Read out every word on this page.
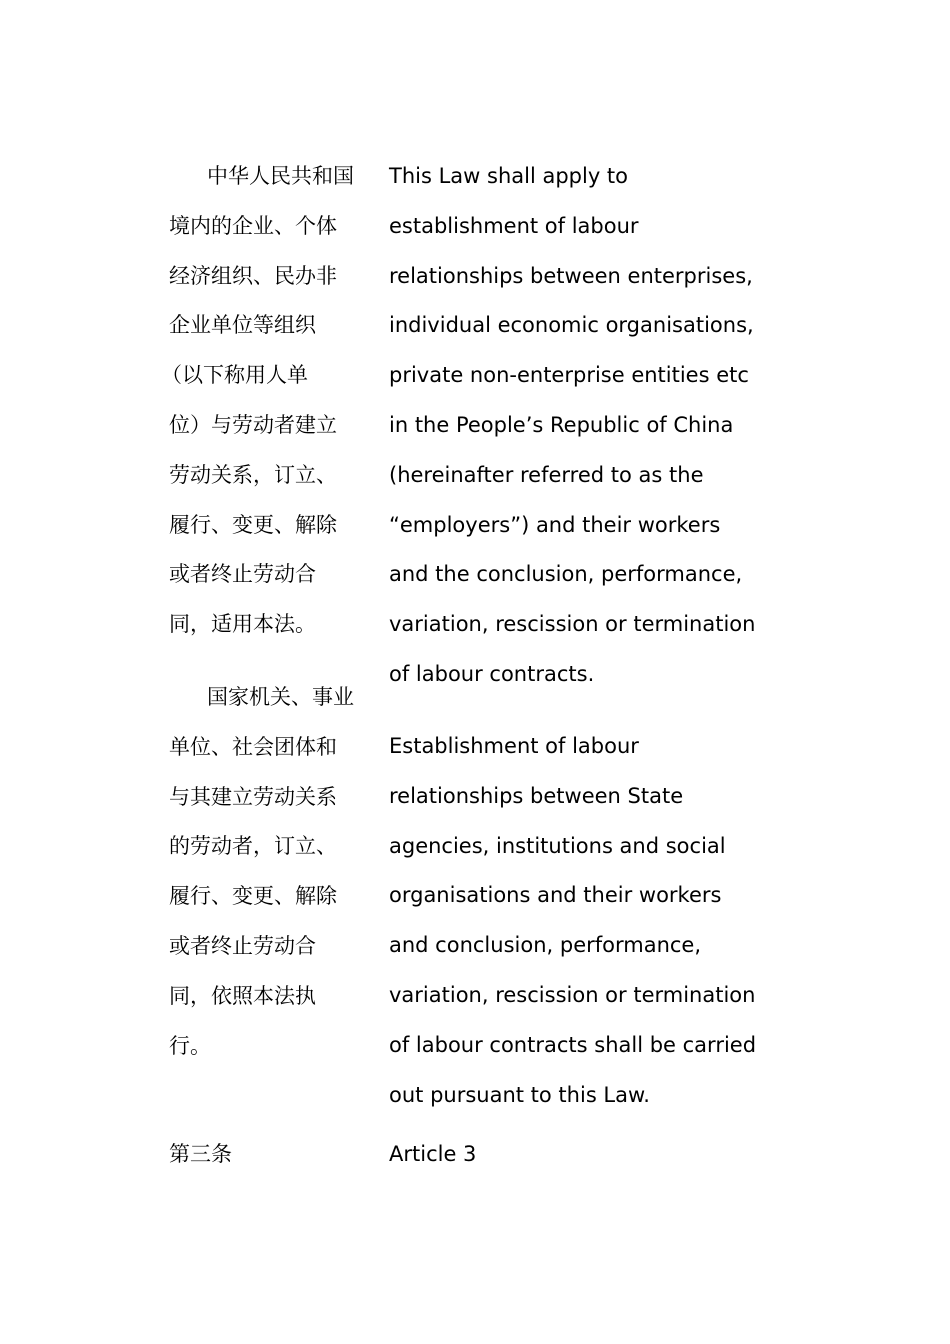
中华人民共和国
境内的企业、个体
经济组织、民办非
企业单位等组织
（以下称用人单
位）与劳动者建立
劳动关系，订立、
履行、变更、解除
或者终止劳动合
同，适用本法。
This Law shall apply to
establishment of labour
relationships between enterprises,
individual economic organisations,
private non-enterprise entities etc
in the People’s Republic of China
(hereinafter referred to as the
“employers”) and their workers
and the conclusion, performance,
variation, rescission or termination
of labour contracts.
国家机关、事业
单位、社会团体和
与其建立劳动关系
的劳动者，订立、
履行、变更、解除
或者终止劳动合
同，依照本法执
行。
Establishment of labour
relationships between State
agencies, institutions and social
organisations and their workers
and conclusion, performance,
variation, rescission or termination
of labour contracts shall be carried
out pursuant to this Law.
第三条	Article 3
